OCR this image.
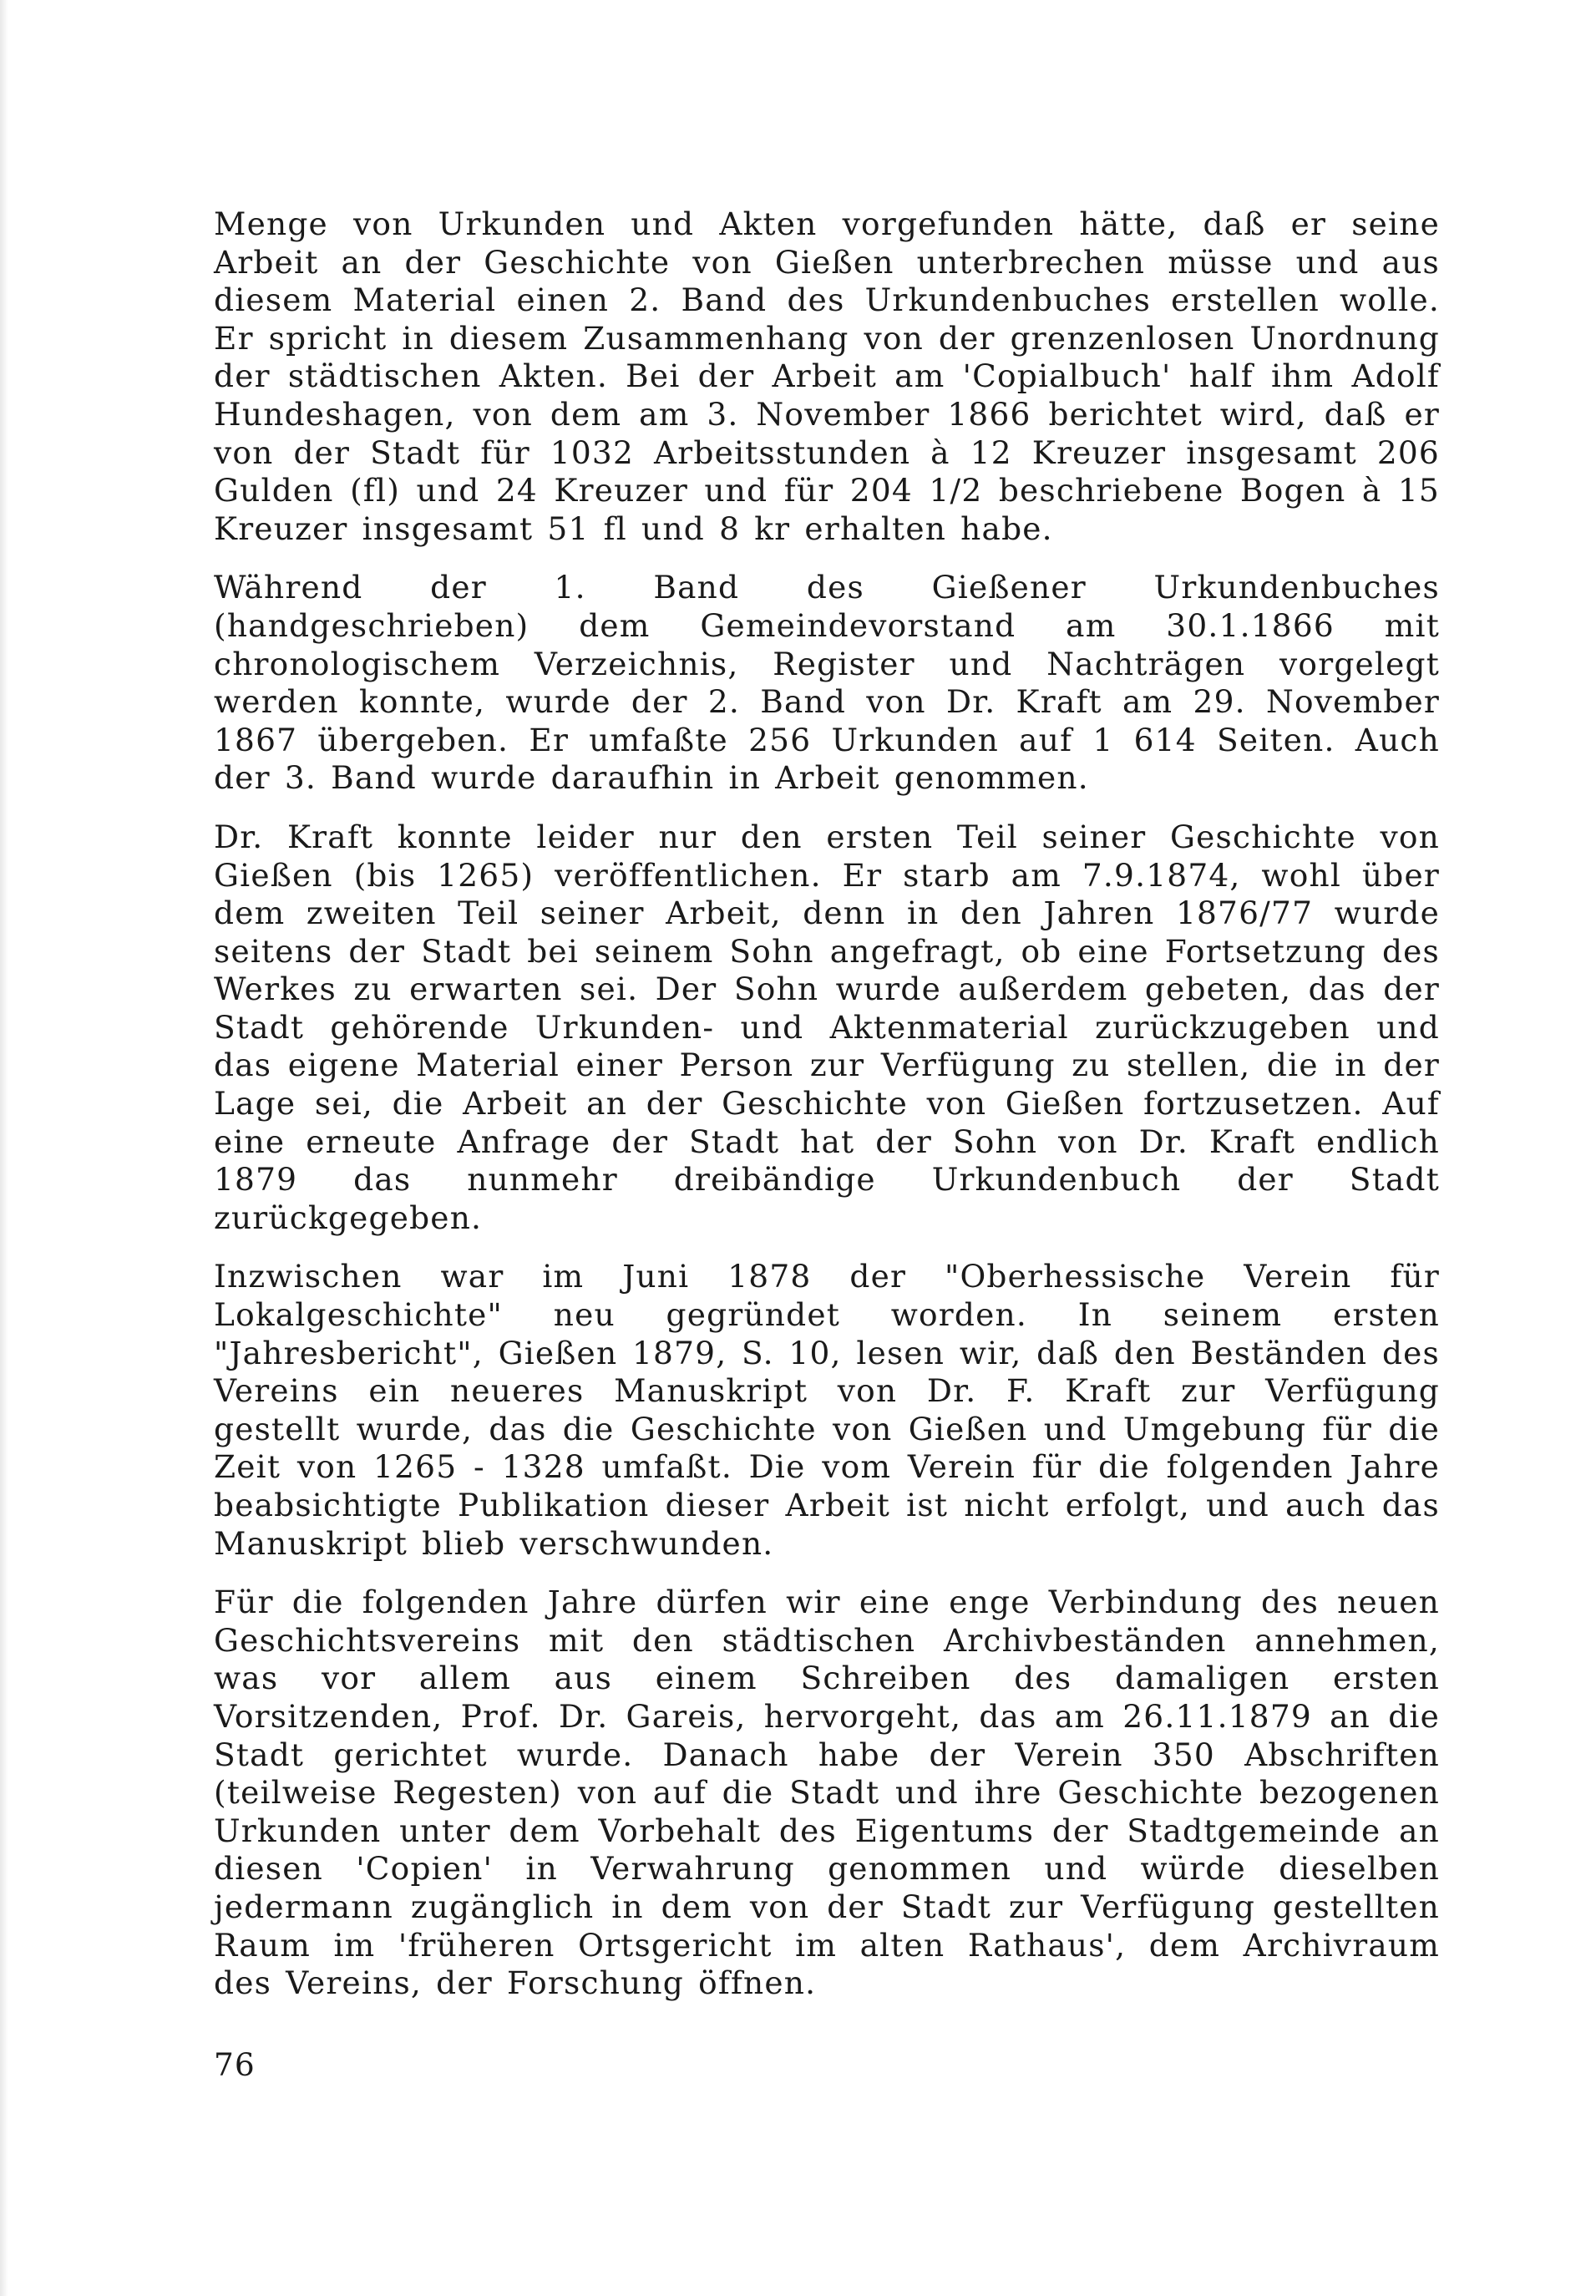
Menge von Urkunden und Akten vorgefunden hätte, daß er seine Arbeit an der Geschichte von Gießen unterbrechen müsse und aus diesem Material einen 2. Band des Urkundenbuches erstellen wolle. Er spricht in diesem Zusammenhang von der grenzenlosen Unordnung der städtischen Akten. Bei der Arbeit am 'Copialbuch' half ihm Adolf Hundeshagen, von dem am 3. November 1866 berichtet wird, daß er von der Stadt für 1032 Arbeitsstunden à 12 Kreuzer insgesamt 206 Gulden (fl) und 24 Kreuzer und für 204 1/2 beschriebene Bogen à 15 Kreuzer insgesamt 51 fl und 8 kr erhalten habe.

Während der 1. Band des Gießener Urkundenbuches (handgeschrieben) dem Gemeindevorstand am 30.1.1866 mit chronologischem Verzeichnis, Register und Nachträgen vorgelegt werden konnte, wurde der 2. Band von Dr. Kraft am 29. November 1867 übergeben. Er umfaßte 256 Urkunden auf 1 614 Seiten. Auch der 3. Band wurde daraufhin in Arbeit genommen.

Dr. Kraft konnte leider nur den ersten Teil seiner Geschichte von Gießen (bis 1265) veröffentlichen. Er starb am 7.9.1874, wohl über dem zweiten Teil seiner Arbeit, denn in den Jahren 1876/77 wurde seitens der Stadt bei seinem Sohn angefragt, ob eine Fortsetzung des Werkes zu erwarten sei. Der Sohn wurde außerdem gebeten, das der Stadt gehörende Urkunden- und Aktenmaterial zurückzugeben und das eigene Material einer Person zur Verfügung zu stellen, die in der Lage sei, die Arbeit an der Geschichte von Gießen fortzusetzen. Auf eine erneute Anfrage der Stadt hat der Sohn von Dr. Kraft endlich 1879 das nunmehr dreibändige Urkundenbuch der Stadt zurückgegeben.

Inzwischen war im Juni 1878 der "Oberhessische Verein für Lokalgeschichte" neu gegründet worden. In seinem ersten "Jahresbericht", Gießen 1879, S. 10, lesen wir, daß den Beständen des Vereins ein neueres Manuskript von Dr. F. Kraft zur Verfügung gestellt wurde, das die Geschichte von Gießen und Umgebung für die Zeit von 1265 - 1328 umfaßt. Die vom Verein für die folgenden Jahre beabsichtigte Publikation dieser Arbeit ist nicht erfolgt, und auch das Manuskript blieb verschwunden.

Für die folgenden Jahre dürfen wir eine enge Verbindung des neuen Geschichtsvereins mit den städtischen Archivbeständen annehmen, was vor allem aus einem Schreiben des damaligen ersten Vorsitzenden, Prof. Dr. Gareis, hervorgeht, das am 26.11.1879 an die Stadt gerichtet wurde. Danach habe der Verein 350 Abschriften (teilweise Regesten) von auf die Stadt und ihre Geschichte bezogenen Urkunden unter dem Vorbehalt des Eigentums der Stadtgemeinde an diesen 'Copien' in Verwahrung genommen und würde dieselben jedermann zugänglich in dem von der Stadt zur Verfügung gestellten Raum im 'früheren Ortsgericht im alten Rathaus', dem Archivraum des Vereins, der Forschung öffnen.

76
